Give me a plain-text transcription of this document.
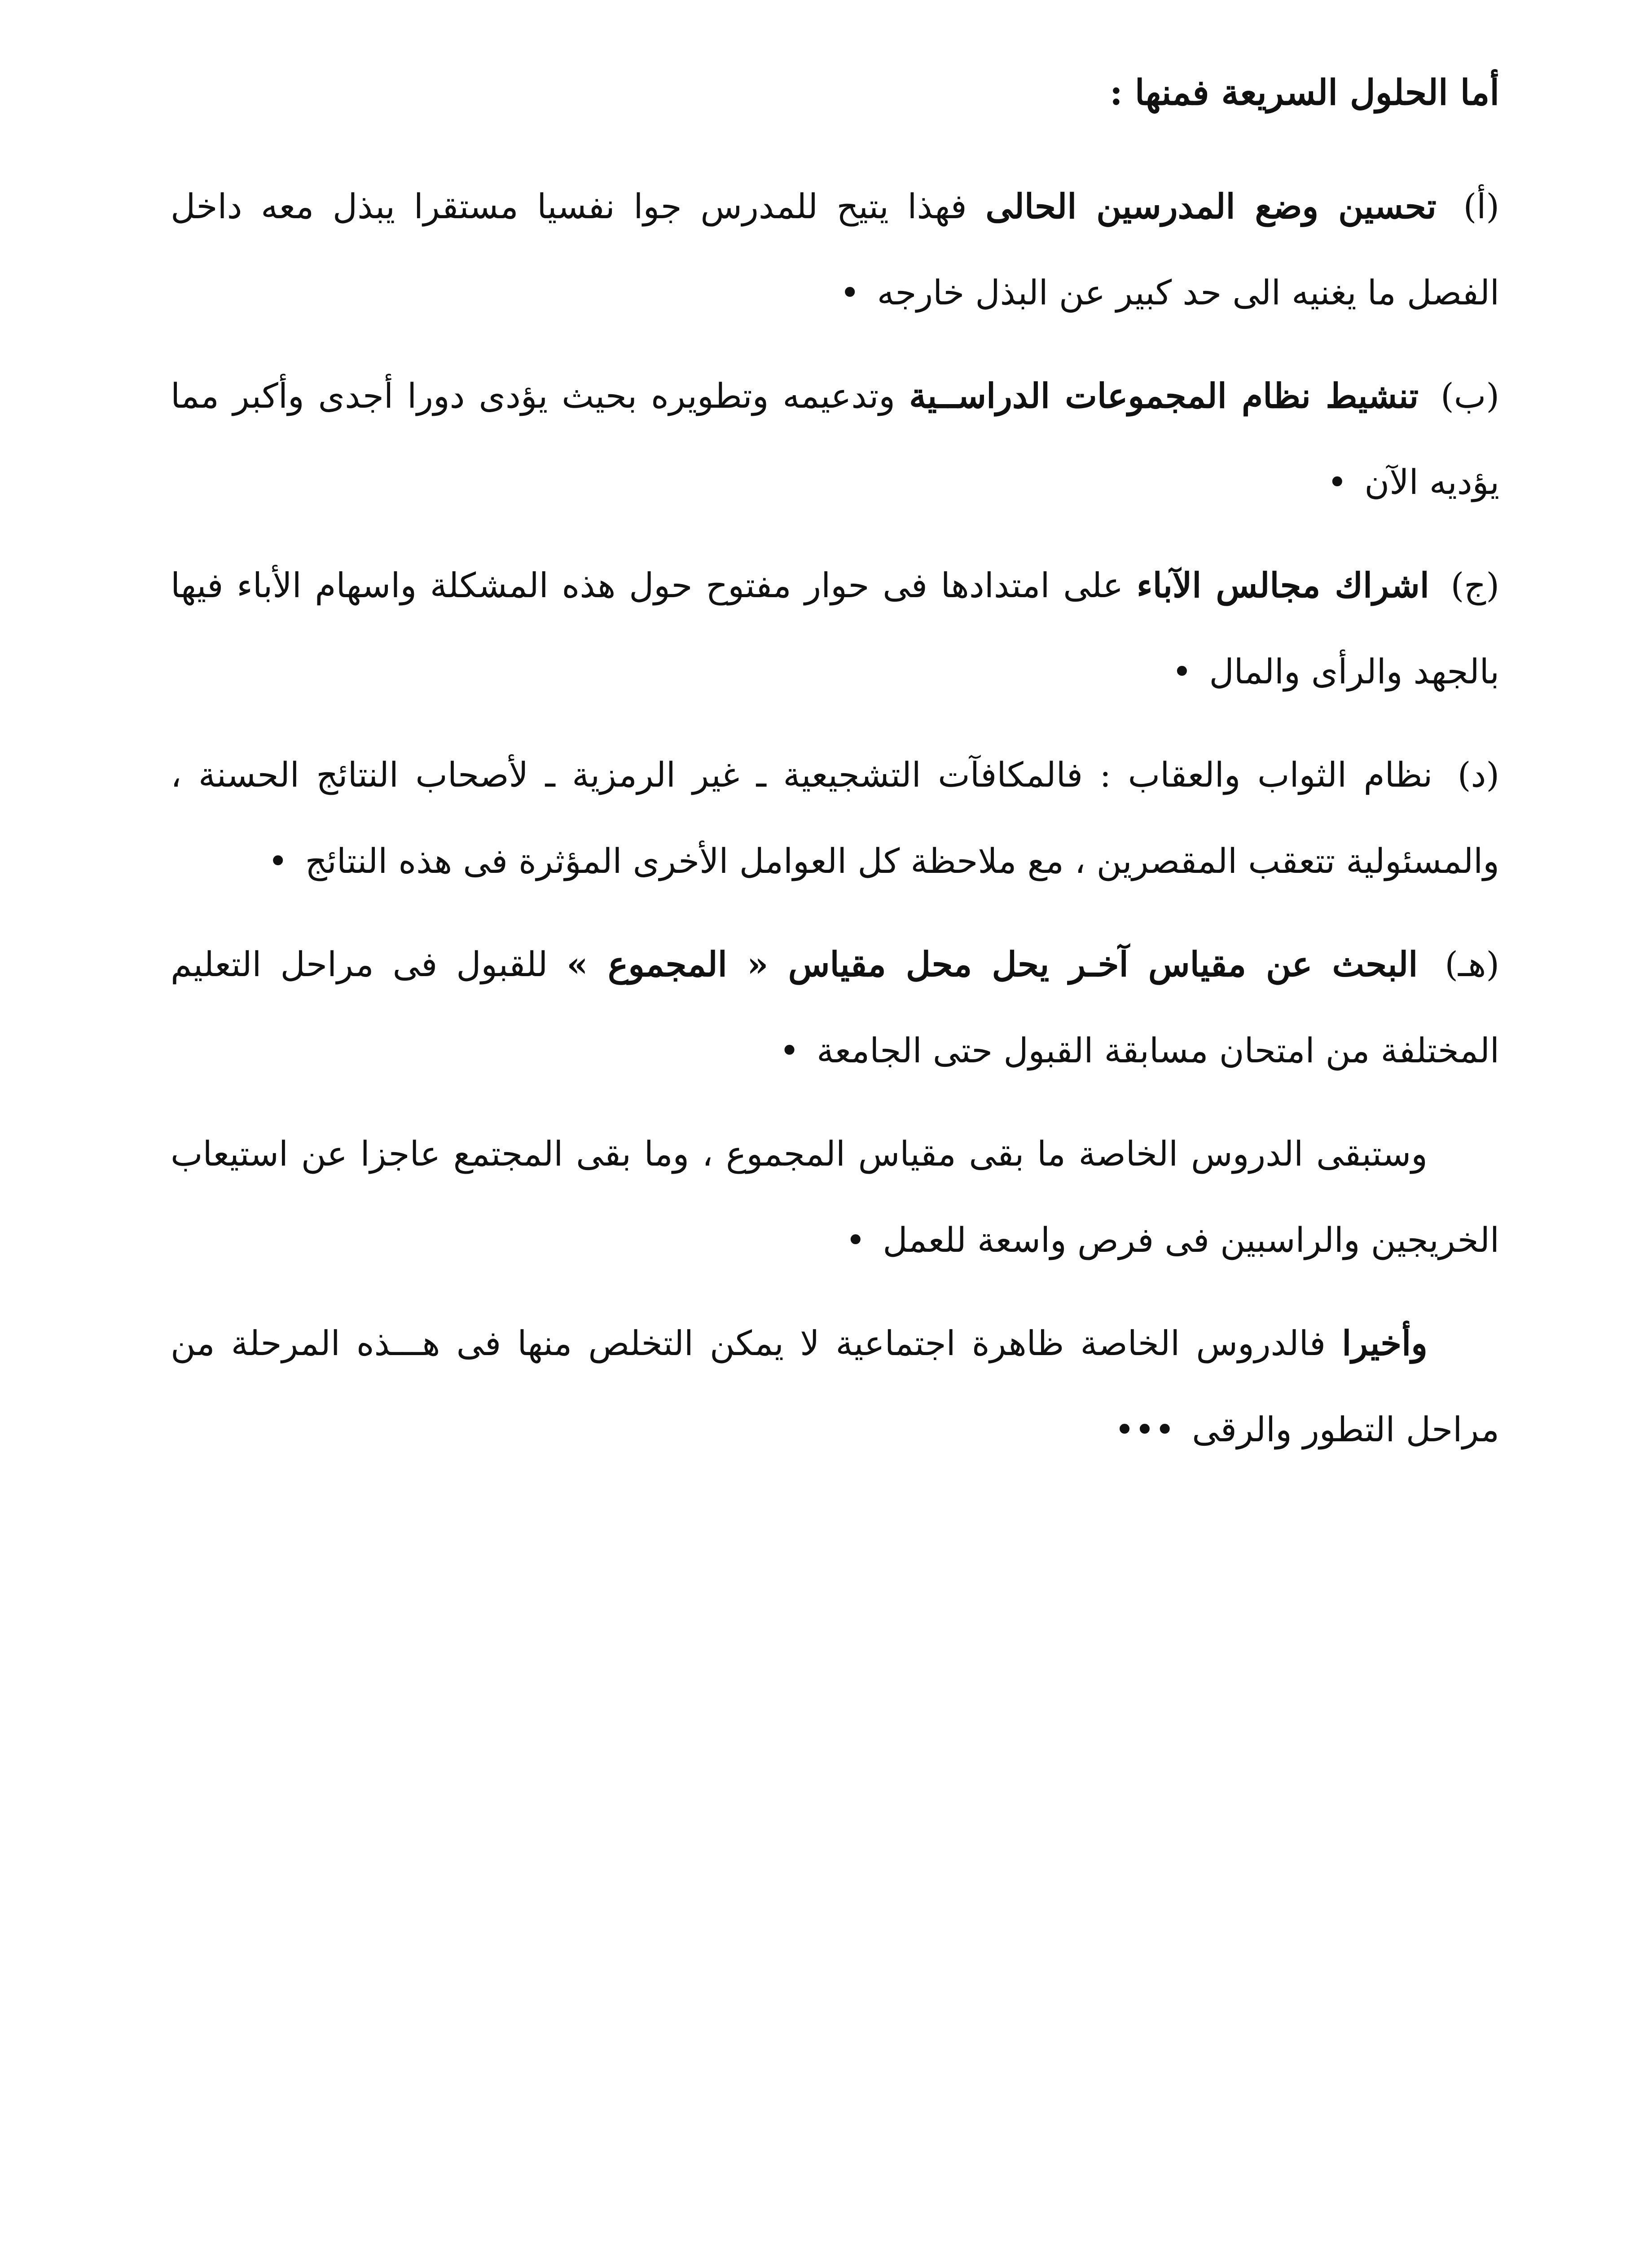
أما الحلول السريعة فمنها :

(أ) تحسين وضع المدرسين الحالى فهذا يتيح للمدرس جوا نفسيا مستقرا يبذل معه داخل الفصل ما يغنيه الى حد كبير عن البذل خارجه •

(ب) تنشيط نظام المجموعات الدراســية وتدعيمه وتطويره بحيث يؤدى دورا أجدى وأكبر مما يؤديه الآن •

(ج) اشراك مجالس الآباء على امتدادها فى حوار مفتوح حول هذه المشكلة واسهام الأباء فيها بالجهد والرأى والمال •

(د) نظام الثواب والعقاب : فالمكافآت التشجيعية ـ غير الرمزية ـ لأصحاب النتائج الحسنة ، والمسئولية تتعقب المقصرين ، مع ملاحظة كل العوامل الأخرى المؤثرة فى هذه النتائج •

(هـ) البحث عن مقياس آخـر يحل محل مقياس « المجموع » للقبول فى مراحل التعليم المختلفة من امتحان مسابقة القبول حتى الجامعة •

وستبقى الدروس الخاصة ما بقى مقياس المجموع ، وما بقى المجتمع عاجزا عن استيعاب الخريجين والراسبين فى فرص واسعة للعمل •

وأخيرا فالدروس الخاصة ظاهرة اجتماعية لا يمكن التخلص منها فى هـــذه المرحلة من مراحل التطور والرقى •••
